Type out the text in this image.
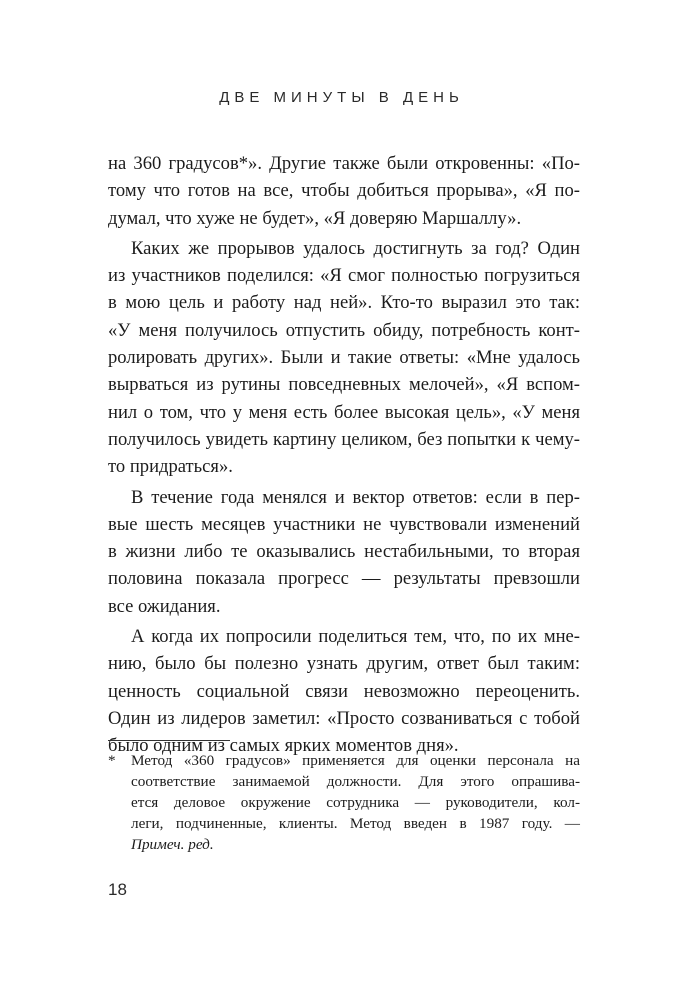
ДВЕ МИНУТЫ В ДЕНЬ

на 360 градусов*». Другие также были откровенны: «По-
тому что готов на все, чтобы добиться прорыва», «Я по-
думал, что хуже не будет», «Я доверяю Маршаллу».

Каких же прорывов удалось достигнуть за год? Один
из участников поделился: «Я смог полностью погрузиться
в мою цель и работу над ней». Кто-то выразил это так:
«У меня получилось отпустить обиду, потребность конт-
ролировать других». Были и такие ответы: «Мне удалось
вырваться из рутины повседневных мелочей», «Я вспом-
нил о том, что у меня есть более высокая цель», «У меня
получилось увидеть картину целиком, без попытки к чему-
то придраться».

В течение года менялся и вектор ответов: если в пер-
вые шесть месяцев участники не чувствовали изменений
в жизни либо те оказывались нестабильными, то вторая
половина показала прогресс — результаты превзошли
все ожидания.

А когда их попросили поделиться тем, что, по их мне-
нию, было бы полезно узнать другим, ответ был таким:
ценность социальной связи невозможно переоценить.
Один из лидеров заметил: «Просто созваниваться с тобой
было одним из самых ярких моментов дня».

* Метод «360 градусов» применяется для оценки персонала на
соответствие занимаемой должности. Для этого опрашива-
ется деловое окружение сотрудника — руководители, кол-
леги, подчиненные, клиенты. Метод введен в 1987 году. —
Примеч. ред.
18
